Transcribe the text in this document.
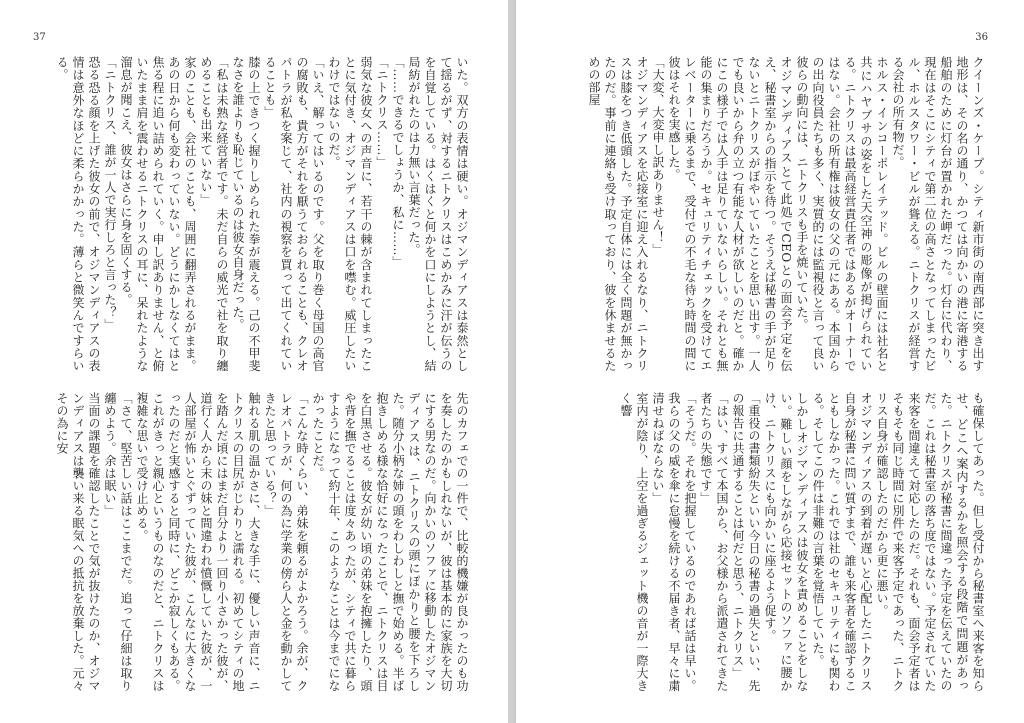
37

いた。双方の表情は硬い。オジマンディアスは泰然として揺るがず、対するニトクリスはこめかみに汗が伝うのを自覚している。はくはくと何かを口にしようとし、結局紡がれたのは力無い言葉だった。

「……できるでしょうか、私に……」

「ニトクリス……」

弱気な彼女への声音に、若干の棘が含まれてしまったことに気付き、オジマンディアスは口を噤む。威圧したいわけではないのだ。

「いえ、解ってはいるのです。父を取り巻く母国の高官の腐敗も、貴方がそれを厭うておられることも、クレオパトラが私を案じて、社内の視察を買って出てくれていることも」

膝の上できつく握りしめられた拳が震える。己の不甲斐なさを誰よりも恥じているのは彼女自身だった。

「私は未熟な経営者です。未だ自らの威光で社を取り纏めることも出来ていない」

家のことも、会社のことも、周囲に翻弄されるがまま。あの日から何も変わっていない。どうにかしなくてはと焦る程に追い詰められていく。申し訳ありません、と俯いたまま肩を震わせるニトクリスの耳に、呆れたような溜息が聞こえ、彼女はさらに身を固くする。

「ニトクリス、誰が一人で実行しろと言った？」

恐る恐る顔を上げた彼女の前で、オジマンディアスの表情は意外なほどに柔らかかった。薄らと微笑んですらいる。

先のカフェでの一件で、比較的機嫌が良かったのも功を奏したのかもしれないが、彼は基本的に家族を大切にする男なのだ。向かいのソファに移動したオジマンディアスは、ニトクリスの頭にぽかりと腰を下ろした。随分小柄な姉の頭をわしわしと撫で始める。半ば抱きしめる様な恰好になったことで、ニトクリスは目を白黒させる。彼女が幼い頃の弟妹を抱擁したり、頭や背を撫でることは度々あったが、シティで共に暮らすようになって約十年、このようなことは今までになかったことだ。

「こんな時くらい、弟妹を頼るがよかろう。余が、クレオパトラが、何の為に学業の傍ら人と金を動かしてきたと思っている？」

触れる肌の温かさに、大きな手に、優しい声音に、ニトクリスの目尻がじわりと濡れる。初めてシティの地を踏んだ頃にはまだ自分より一回り小さかった彼が、道行く人から末の妹と間違われ憤慨していた彼が、一人部屋が怖いとぐずっていた彼が、こんなに大きくなったのだと実感すると同時に、どこか寂しくもある。これがきっと親心というものなのだと、ニトクリスは複雑な思いで受け止める。

「さて、堅苦しい話はここまでだ。追って仔細は取り纏めよう。余は眠い」

当面の課題を確認したことで気が抜けたのか、オジマンディアスは襲い来る眠気への抵抗を放棄した。元々その為に安

36

クイーンズ・ケープ。シティ新市街の南西部に突き出す地形は、その名の通り、かつては向かいの港に寄港する船舶のために灯台が置かれた岬だった。灯台に代わり、現在はそこにシティで第二位の高さとなってしまったビル、ホルスタワー・ビルが聳える。ニトクリスが経営する会社の所有物だ。

ホルス・インコーポレイテッド。ビルの壁面には社名と共にハヤブサの姿をした天空神の彫像が掲げられている。ニトクリスは最高経営責任者ではあるがオーナーではない。会社の所有権は彼女の父の元にある。本国からの出向役員たちも多く、実質的には監視役と言って良い彼らの動向には、ニトクリスも手を焼いていた。

オジマンディアスとて此処でCEOとの面会予定を伝え、秘書室からの指示を待つ。そうえば秘書の手が足りないとニトクリスがぼやいていたことを思い出す。一人でも良いから弁の立つ有能な人材が欲しいのだと。確かにこの様子では人手は足りていないらしい。それとも無能の集まりだろうか。セキュリティチェックを受けてエレベーターに乗るまで、受付での不毛な待ち時間の間に彼はそれを実感した。

「大変、大変申し訳ありません！」

オジマンディアスを応接室に迎え入れるなり、ニトクリスは膝をつき低頭した。予定自体には全く問題が無かったのだ。事前に連絡も受け取っており、彼を休ませるための部屋

も確保してあった。但し受付から秘書室へ来客を知らせ、どこへ案内するかを照会する段階で問題があった。ニトクリスが秘書に間違った予定を伝えていたのだ。これは秘書室の落ち度ではない。予定されていた来客を間違えて対応したのだ。それも、面会予定者はそもそも同じ時間に別件で来客予定であった、ニトクリス自身が確認したのだから更に悪い。

オジマンディアスの到着が遅いと心配したニトクリス自身が秘書に問い質すまで、誰も来客者を確認することもしなかった。これでは社のセキュリティにも関わる。そしてこの件は非難の言葉を覚悟していた。

しかしオジマンディアスは彼女を責めることをしない。難しい顔をしながら応接セットのソファに腰かけ、ニトクリスにも向かいに座るよう促す。

「重役の書類紛失といい今日の秘書の過失といい、先の報告に共通することは何だと思う、ニトクリス」

「はい、すべて本国から、お父様から派遣されてきた者たちの失態です」

「そうだ。それを把握しているのであれば話は早い。我らの父の威を傘に怠慢を続ける不届き者、早々に粛清せねばならない」

室内が陰り、上空を過ぎるジェット機の音が一際大きく響
